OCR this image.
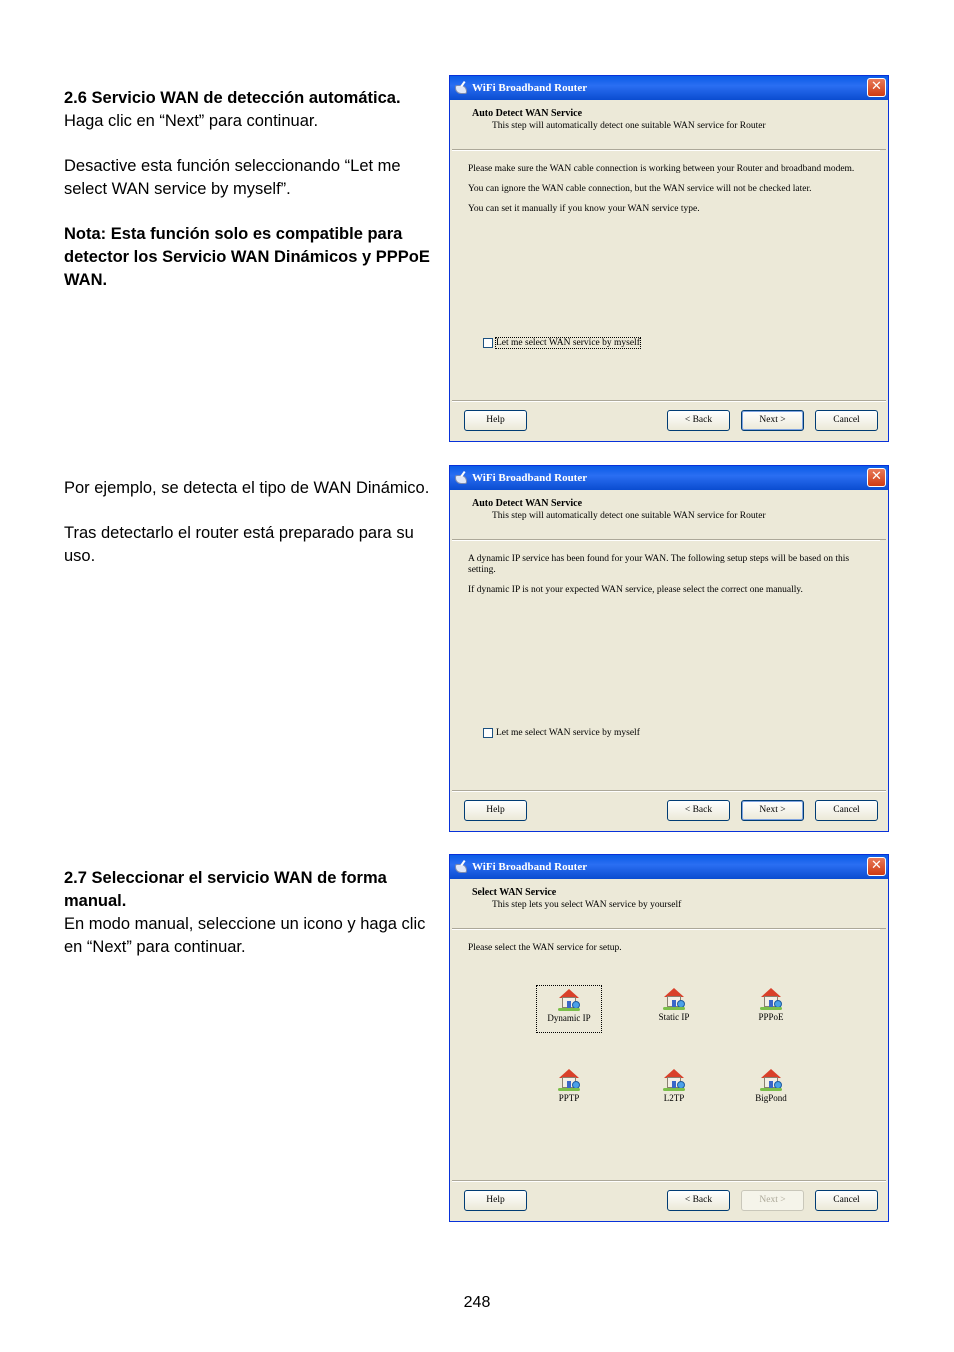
2.6 Servicio WAN de detección automática.
Haga clic en “Next” para continuar.

Desactive esta función seleccionando “Let me select WAN service by myself”.

Nota: Esta función solo es compatible para detector los Servicio WAN Dinámicos y PPPoE WAN.

WiFi Broadband Router	✕
Auto Detect WAN Service
This step will automatically detect one suitable WAN service for Router

Please make sure the WAN cable connection is working between your Router and broadband modem.

You can ignore the WAN cable connection, but the WAN service will not be checked later.

You can set it manually if you know your WAN service type.

Let me select WAN service by myself
Help	< Back	Next >	Cancel

Por ejemplo, se detecta el tipo de WAN Dinámico.

Tras detectarlo el router está preparado para su uso.

WiFi Broadband Router	✕
Auto Detect WAN Service
This step will automatically detect one suitable WAN service for Router

A dynamic IP service has been found for your WAN. The following setup steps will be based on this setting.

If dynamic IP is not your expected WAN service, please select the correct one manually.

Let me select WAN service by myself
Help	< Back	Next >	Cancel

2.7 Seleccionar el servicio WAN de forma manual.
En modo manual, seleccione un icono y haga clic en “Next” para continuar.

WiFi Broadband Router	✕
Select WAN Service
This step lets you select WAN service by yourself

Please select the WAN service for setup.

Dynamic IP	Static IP	PPPoE
PPTP	L2TP	BigPond
Help	< Back	Next >	Cancel
248
